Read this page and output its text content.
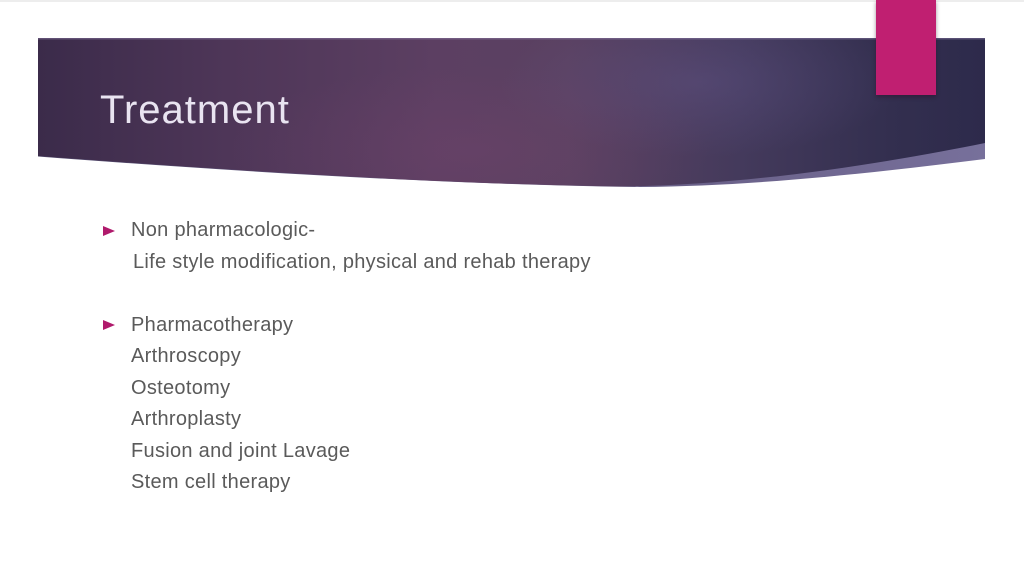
Treatment
Non pharmacologic-
Life style modification, physical and rehab therapy
Pharmacotherapy
Arthroscopy
Osteotomy
Arthroplasty
Fusion and joint Lavage
Stem cell therapy
